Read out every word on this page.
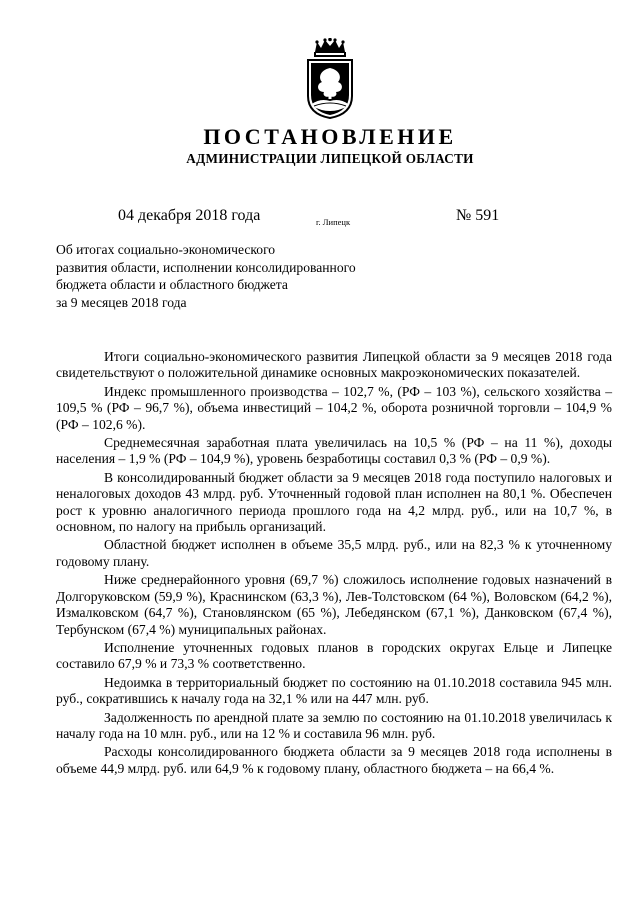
ПОСТАНОВЛЕНИЕ
АДМИНИСТРАЦИИ ЛИПЕЦКОЙ ОБЛАСТИ
04 декабря 2018 года	г. Липецк	№ 591
Об итогах социально-экономического
развития области, исполнении консолидированного
бюджета области и областного бюджета
за 9 месяцев 2018 года

Итоги социально-экономического развития Липецкой области за 9 месяцев 2018 года свидетельствуют о положительной динамике основных макроэкономических показателей.

Индекс промышленного производства – 102,7 %, (РФ – 103 %), сельского хозяйства – 109,5 % (РФ – 96,7 %), объема инвестиций – 104,2 %, оборота розничной торговли – 104,9 % (РФ – 102,6 %).

Среднемесячная заработная плата увеличилась на 10,5 % (РФ – на 11 %), доходы населения – 1,9 % (РФ – 104,9 %), уровень безработицы составил 0,3 % (РФ – 0,9 %).

В консолидированный бюджет области за 9 месяцев 2018 года поступило налоговых и неналоговых доходов 43 млрд. руб. Уточненный годовой план исполнен на 80,1 %. Обеспечен рост к уровню аналогичного периода прошлого года на 4,2 млрд. руб., или на 10,7 %, в основном, по налогу на прибыль организаций.

Областной бюджет исполнен в объеме 35,5 млрд. руб., или на 82,3 % к уточненному годовому плану.

Ниже среднерайонного уровня (69,7 %) сложилось исполнение годовых назначений в Долгоруковском (59,9 %), Краснинском (63,3 %), Лев-Толстовском (64 %), Воловском (64,2 %), Измалковском (64,7 %), Становлянском (65 %), Лебедянском (67,1 %), Данковском (67,4 %), Тербунском (67,4 %) муниципальных районах.

Исполнение уточненных годовых планов в городских округах Ельце и Липецке составило 67,9 % и 73,3 % соответственно.

Недоимка в территориальный бюджет по состоянию на 01.10.2018 составила 945 млн. руб., сократившись к началу года на 32,1 % или на 447 млн. руб.

Задолженность по арендной плате за землю по состоянию на 01.10.2018 увеличилась к началу года на 10 млн. руб., или на 12 % и составила 96 млн. руб.

Расходы консолидированного бюджета области за 9 месяцев 2018 года исполнены в объеме 44,9 млрд. руб. или 64,9 % к годовому плану, областного бюджета – на 66,4 %.
